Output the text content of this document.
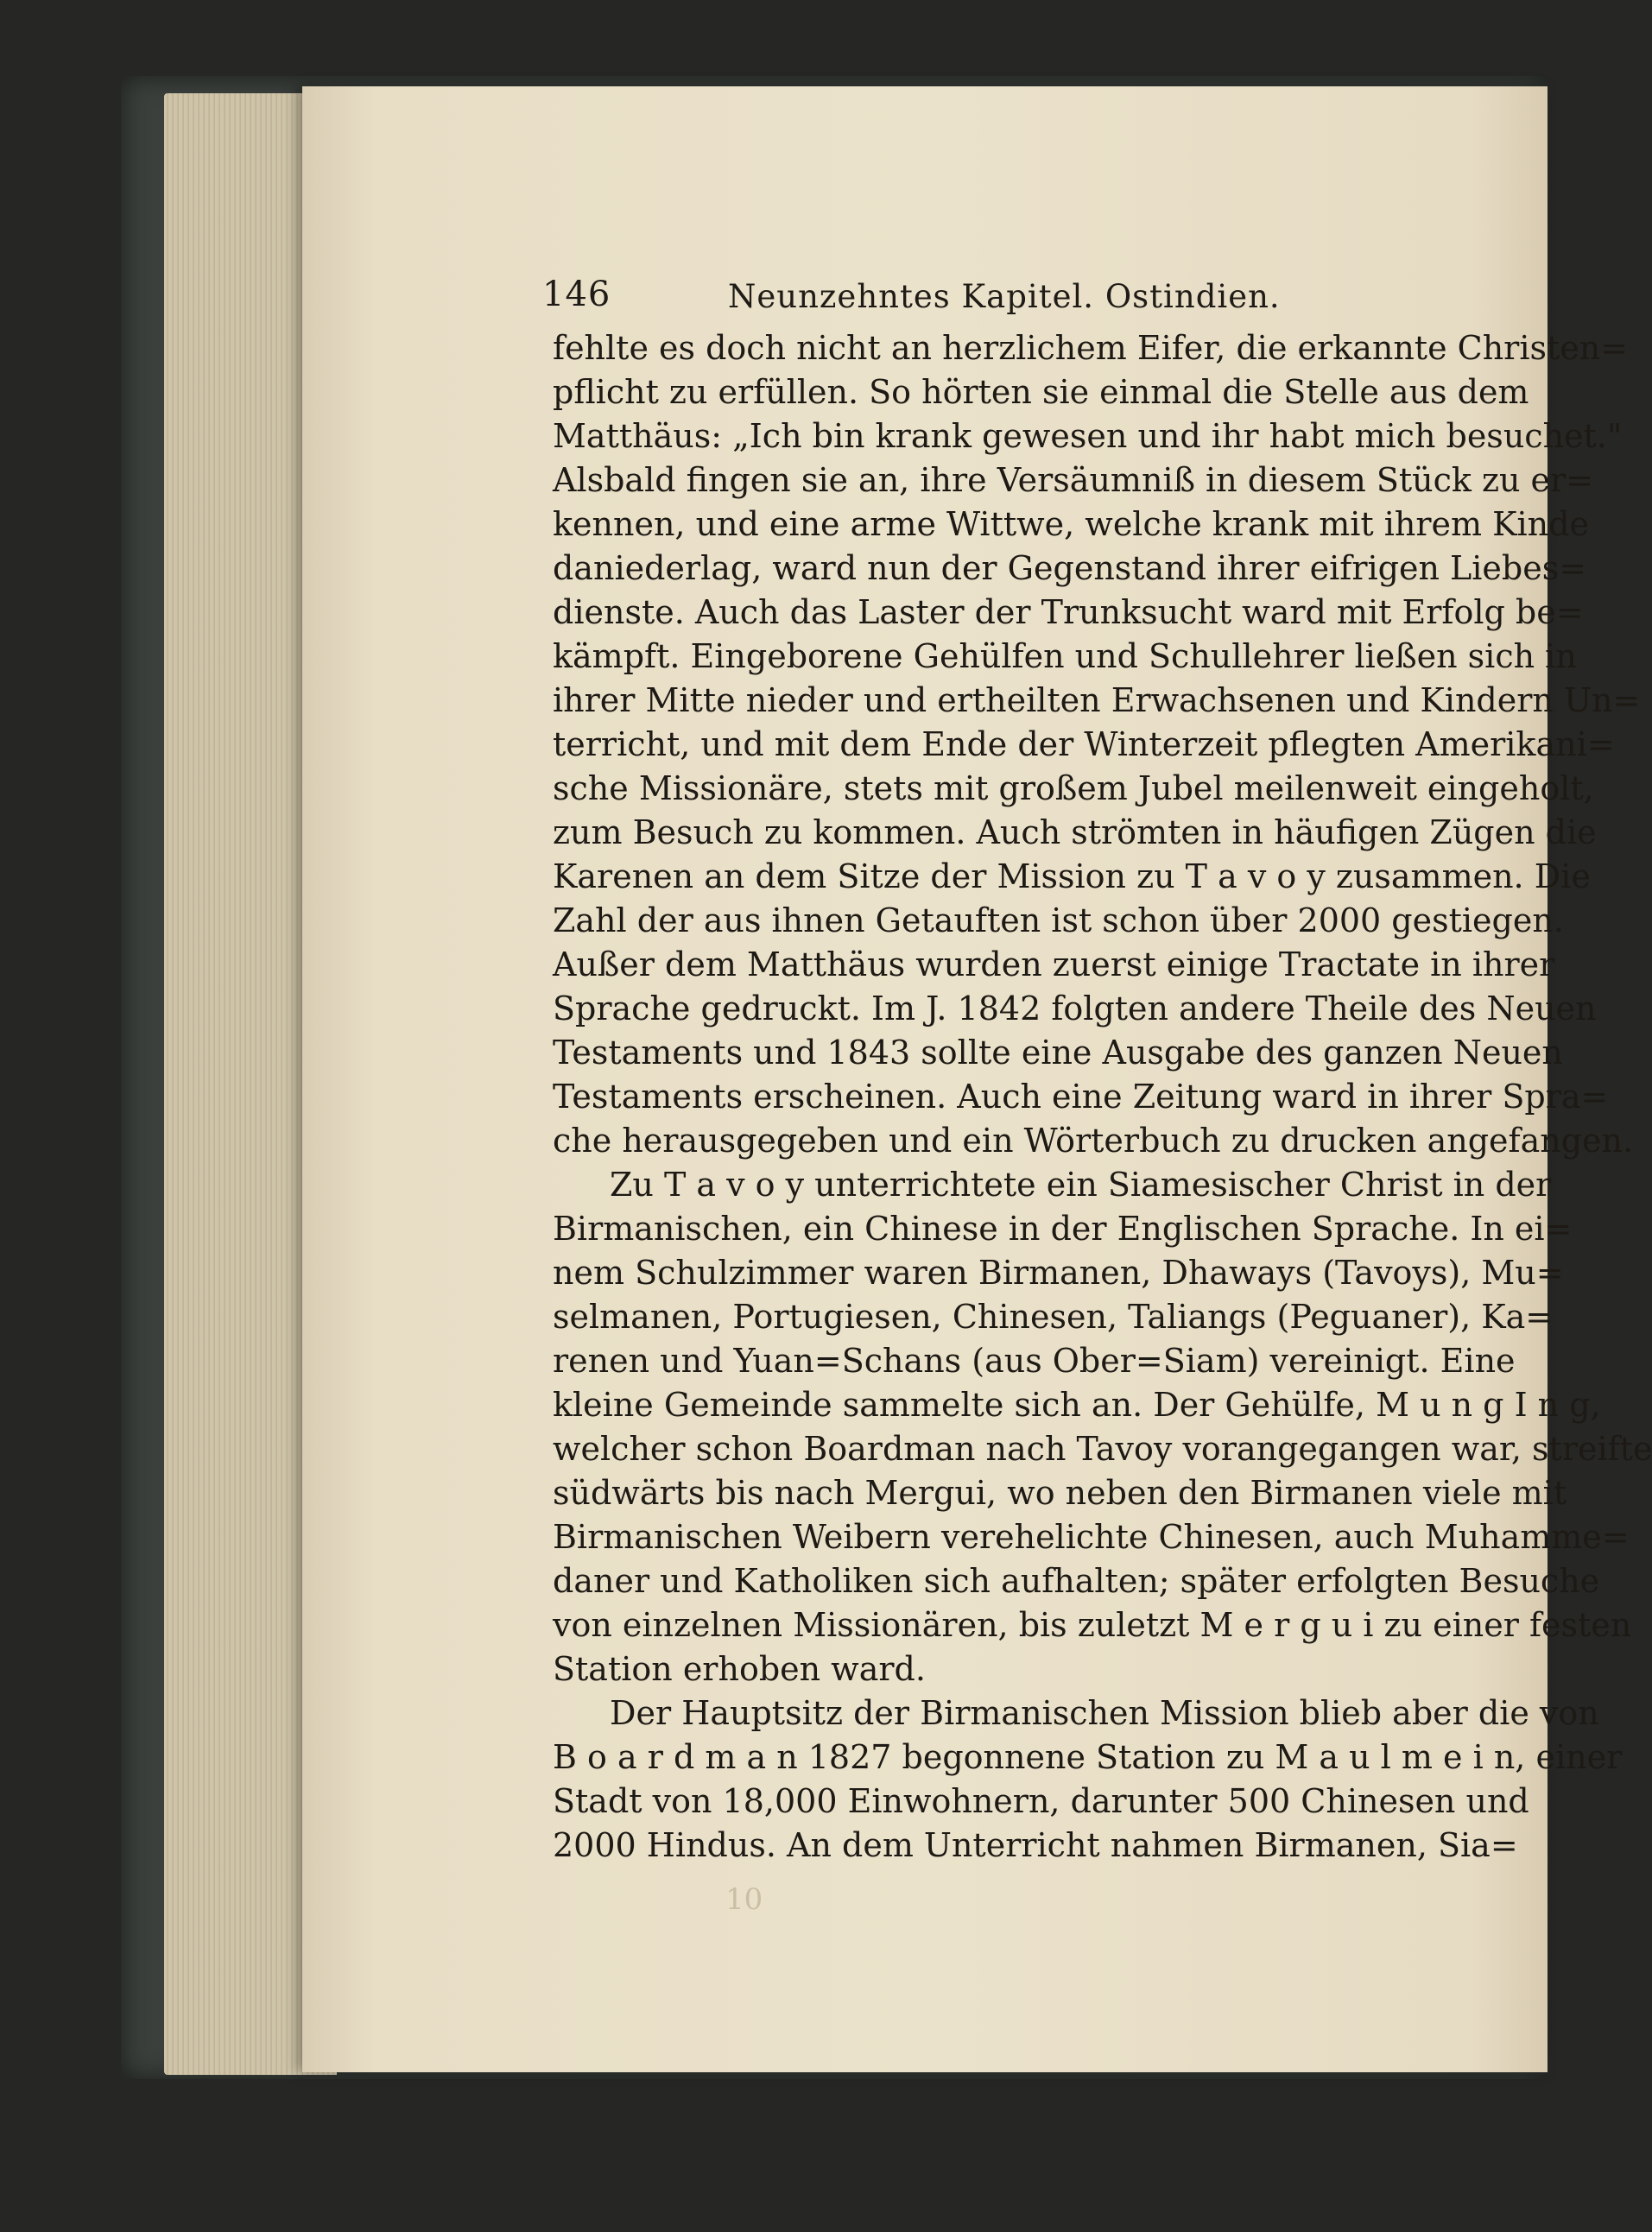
146	Neunzehntes Kapitel. Ostindien.
fehlte es doch nicht an herzlichem Eifer, die erkannte Christen=
pflicht zu erfüllen. So hörten sie einmal die Stelle aus dem
Matthäus: „Ich bin krank gewesen und ihr habt mich besuchet."
Alsbald fingen sie an, ihre Versäumniß in diesem Stück zu er=
kennen, und eine arme Wittwe, welche krank mit ihrem Kinde
daniederlag, ward nun der Gegenstand ihrer eifrigen Liebes=
dienste. Auch das Laster der Trunksucht ward mit Erfolg be=
kämpft. Eingeborene Gehülfen und Schullehrer ließen sich in
ihrer Mitte nieder und ertheilten Erwachsenen und Kindern Un=
terricht, und mit dem Ende der Winterzeit pflegten Amerikani=
sche Missionäre, stets mit großem Jubel meilenweit eingeholt,
zum Besuch zu kommen. Auch strömten in häufigen Zügen die
Karenen an dem Sitze der Mission zu T a v o y zusammen. Die
Zahl der aus ihnen Getauften ist schon über 2000 gestiegen.
Außer dem Matthäus wurden zuerst einige Tractate in ihrer
Sprache gedruckt. Im J. 1842 folgten andere Theile des Neuen
Testaments und 1843 sollte eine Ausgabe des ganzen Neuen
Testaments erscheinen. Auch eine Zeitung ward in ihrer Spra=
che herausgegeben und ein Wörterbuch zu drucken angefangen.
Zu T a v o y unterrichtete ein Siamesischer Christ in der
Birmanischen, ein Chinese in der Englischen Sprache. In ei=
nem Schulzimmer waren Birmanen, Dhaways (Tavoys), Mu=
selmanen, Portugiesen, Chinesen, Taliangs (Peguaner), Ka=
renen und Yuan=Schans (aus Ober=Siam) vereinigt. Eine
kleine Gemeinde sammelte sich an. Der Gehülfe, M u n g I n g,
welcher schon Boardman nach Tavoy vorangegangen war, streifte
südwärts bis nach Mergui, wo neben den Birmanen viele mit
Birmanischen Weibern verehelichte Chinesen, auch Muhamme=
daner und Katholiken sich aufhalten; später erfolgten Besuche
von einzelnen Missionären, bis zuletzt M e r g u i zu einer festen
Station erhoben ward.
Der Hauptsitz der Birmanischen Mission blieb aber die von
B o a r d m a n 1827 begonnene Station zu M a u l m e i n, einer
Stadt von 18,000 Einwohnern, darunter 500 Chinesen und
2000 Hindus. An dem Unterricht nahmen Birmanen, Sia=
10
